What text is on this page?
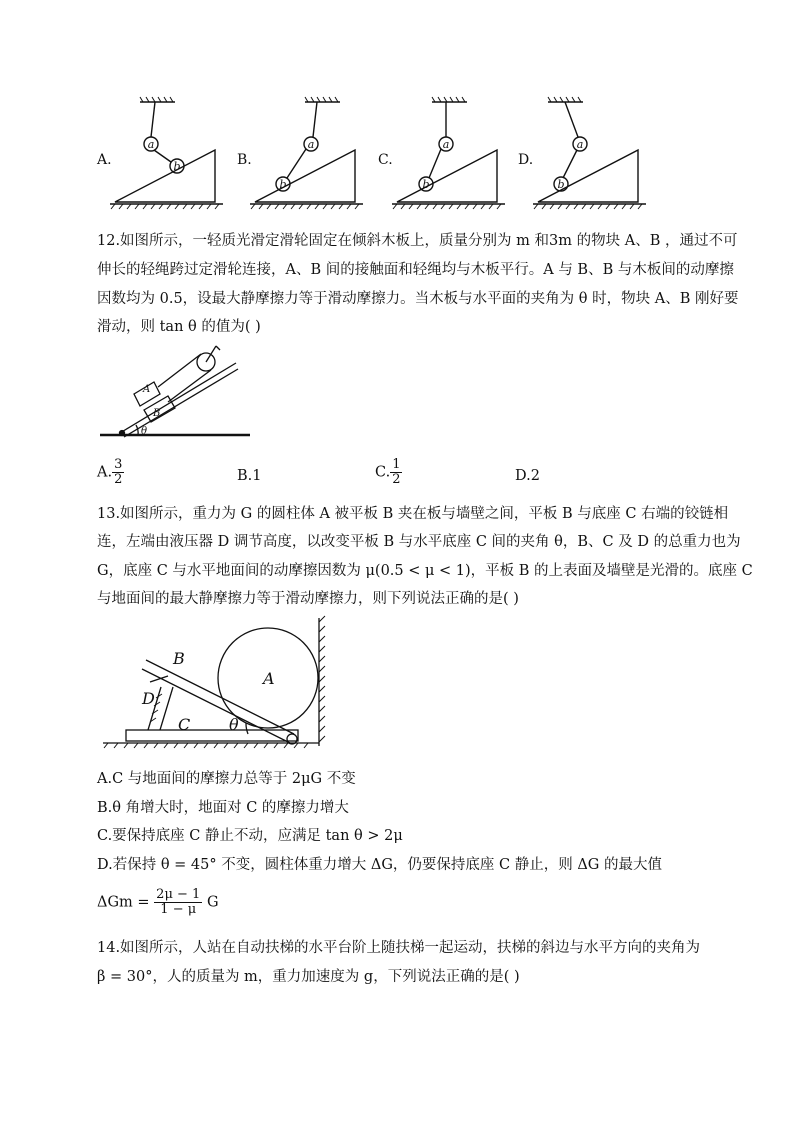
A.	B.	C.	D.
a
b
a
b
a
b
a
b
12.如图所示，一轻质光滑定滑轮固定在倾斜木板上，质量分别为 m 和3m 的物块 A、B ，通过不可
伸长的轻绳跨过定滑轮连接，A、B 间的接触面和轻绳均与木板平行。A 与 B、B 与木板间的动摩擦
因数均为 0.5，设最大静摩擦力等于滑动摩擦力。当木板与水平面的夹角为 θ 时，物块 A、B 刚好要
滑动，则 tan θ 的值为( )
A
B
θ
A. $\frac{3}{2}$	B.1	C. $\frac{1}{2}$	D.2
13.如图所示，重力为 G 的圆柱体 A 被平板 B 夹在板与墙壁之间，平板 B 与底座 C 右端的铰链相
连，左端由液压器 D 调节高度，以改变平板 B 与水平底座 C 间的夹角 θ，B、C 及 D 的总重力也为
G，底座 C 与水平地面间的动摩擦因数为 μ(0.5 < μ < 1)，平板 B 的上表面及墙壁是光滑的。底座 C
与地面间的最大静摩擦力等于滑动摩擦力，则下列说法正确的是( )
B
A
D
C θ
A.C 与地面间的摩擦力总等于 2μG 不变
B.θ 角增大时，地面对 C 的摩擦力增大
C.要保持底座 C 静止不动，应满足 tan θ > 2μ
D.若保持 θ = 45° 不变，圆柱体重力增大 ΔG，仍要保持底座 C 静止，则 ΔG 的最大值
$\Delta Gm = \frac{2\mu - 1}{1 - \mu}$ G
14.如图所示，人站在自动扶梯的水平台阶上随扶梯一起运动，扶梯的斜边与水平方向的夹角为
β = 30°，人的质量为 m，重力加速度为 g，下列说法正确的是( )
